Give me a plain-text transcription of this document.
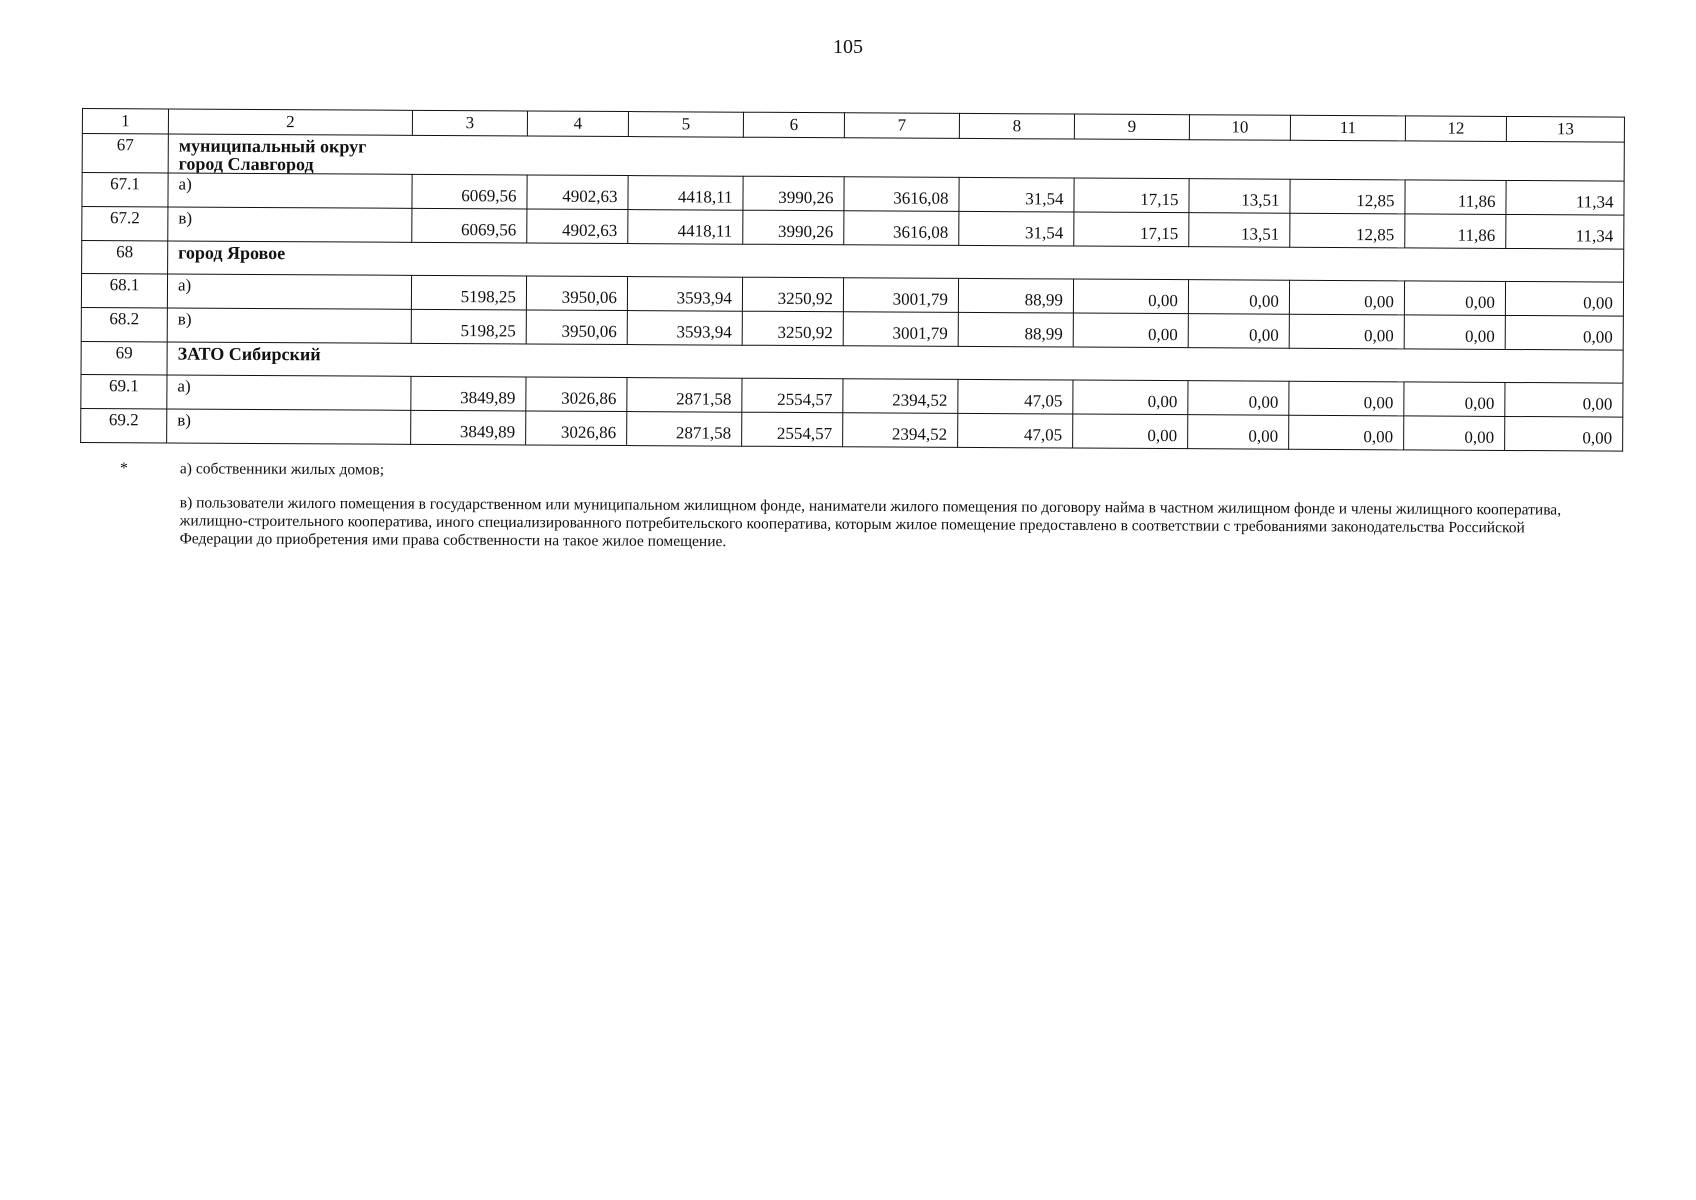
105
1	2	3	4	5	6	7	8	9	10	11	12	13
67	муниципальный округ город Славгород											
67.1	а)	6069,56	4902,63	4418,11	3990,26	3616,08	31,54	17,15	13,51	12,85	11,86	11,34
67.2	в)	6069,56	4902,63	4418,11	3990,26	3616,08	31,54	17,15	13,51	12,85	11,86	11,34
68	город Яровое											
68.1	а)	5198,25	3950,06	3593,94	3250,92	3001,79	88,99	0,00	0,00	0,00	0,00	0,00
68.2	в)	5198,25	3950,06	3593,94	3250,92	3001,79	88,99	0,00	0,00	0,00	0,00	0,00
69	ЗАТО Сибирский											
69.1	а)	3849,89	3026,86	2871,58	2554,57	2394,52	47,05	0,00	0,00	0,00	0,00	0,00
69.2	в)	3849,89	3026,86	2871,58	2554,57	2394,52	47,05	0,00	0,00	0,00	0,00	0,00
*	а) собственники жилых домов;
в) пользователи жилого помещения в государственном или муниципальном жилищном фонде, наниматели жилого помещения по договору найма в частном жилищном фонде и члены жилищного кооператива, жилищно-строительного кооператива, иного специализированного потребительского кооператива, которым жилое помещение предоставлено в соответствии с требованиями законодательства Российской Федерации до приобретения ими права собственности на такое жилое помещение.
